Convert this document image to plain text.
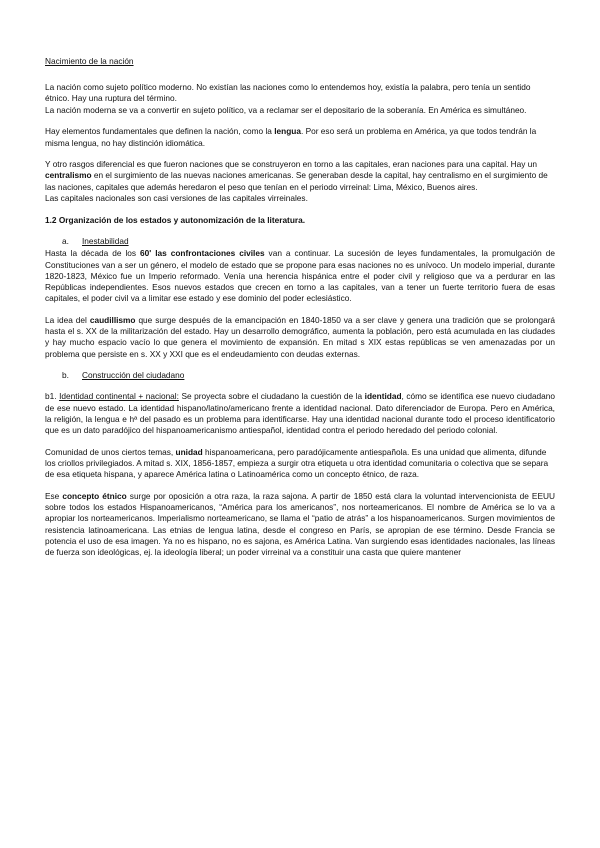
Nacimiento de la nación

La nación como sujeto político moderno. No existían las naciones como lo entendemos hoy, existía la palabra, pero tenía un sentido étnico. Hay una ruptura del término.
La nación moderna se va a convertir en sujeto político, va a reclamar ser el depositario de la soberanía. En América es simultáneo.

Hay elementos fundamentales que definen la nación, como la lengua. Por eso será un problema en América, ya que todos tendrán la misma lengua, no hay distinción idiomática.

Y otro rasgos diferencial es que fueron naciones que se construyeron en torno a las capitales, eran naciones para una capital. Hay un centralismo en el surgimiento de las nuevas naciones americanas. Se generaban desde la capital, hay centralismo en el surgimiento de las naciones, capitales que además heredaron el peso que tenían en el periodo virreinal: Lima, México, Buenos aires.
Las capitales nacionales son casi versiones de las capitales virreinales.

1.2 Organización de los estados y autonomización de la literatura.

a.	Inestabilidad

Hasta la década de los 60' las confrontaciones civiles van a continuar. La sucesión de leyes fundamentales, la promulgación de Constituciones van a ser un género, el modelo de estado que se propone para esas naciones no es unívoco. Un modelo imperial, durante 1820-1823, México fue un Imperio reformado. Venía una herencia hispánica entre el poder civil y religioso que va a perdurar en las Repúblicas independientes. Esos nuevos estados que crecen en torno a las capitales, van a tener un fuerte territorio fuera de esas capitales, el poder civil va a limitar ese estado y ese dominio del poder eclesiástico.

La idea del caudillismo que surge después de la emancipación en 1840-1850 va a ser clave y genera una tradición que se prolongará hasta el s. XX de la militarización del estado. Hay un desarrollo demográfico, aumenta la población, pero está acumulada en las ciudades y hay mucho espacio vacío lo que genera el movimiento de expansión. En mitad s XIX estas repúblicas se ven amenazadas por un problema que persiste en s. XX y XXI que es el endeudamiento con deudas externas.

b.	Construcción del ciudadano

b1. Identidad continental + nacional: Se proyecta sobre el ciudadano la cuestión de la identidad, cómo se identifica ese nuevo ciudadano de ese nuevo estado. La identidad hispano/latino/americano frente a identidad nacional. Dato diferenciador de Europa. Pero en América, la religión, la lengua e hª del pasado es un problema para identificarse. Hay una identidad nacional durante todo el proceso identificatorio que es un dato paradójico del hispanoamericanismo antiespañol, identidad contra el periodo heredado del periodo colonial.

Comunidad de unos ciertos temas, unidad hispanoamericana, pero paradójicamente antiespañola. Es una unidad que alimenta, difunde los criollos privilegiados. A mitad s. XIX, 1856-1857, empieza a surgir otra etiqueta u otra identidad comunitaria o colectiva que se separa de esa etiqueta hispana, y aparece América latina o Latinoamérica como un concepto étnico, de raza.

Ese concepto étnico surge por oposición a otra raza, la raza sajona. A partir de 1850 está clara la voluntad intervencionista de EEUU sobre todos los estados Hispanoamericanos, “América para los americanos”, nos norteamericanos. El nombre de América se lo va a apropiar los norteamericanos. Imperialismo norteamericano, se llama el “patio de atrás” a los hispanoamericanos. Surgen movimientos de resistencia latinoamericana. Las etnias de lengua latina, desde el congreso en París, se apropian de ese término. Desde Francia se potencia el uso de esa imagen. Ya no es hispano, no es sajona, es América Latina. Van surgiendo esas identidades nacionales, las líneas de fuerza son ideológicas, ej. la ideología liberal; un poder virreinal va a constituir una casta que quiere mantener
